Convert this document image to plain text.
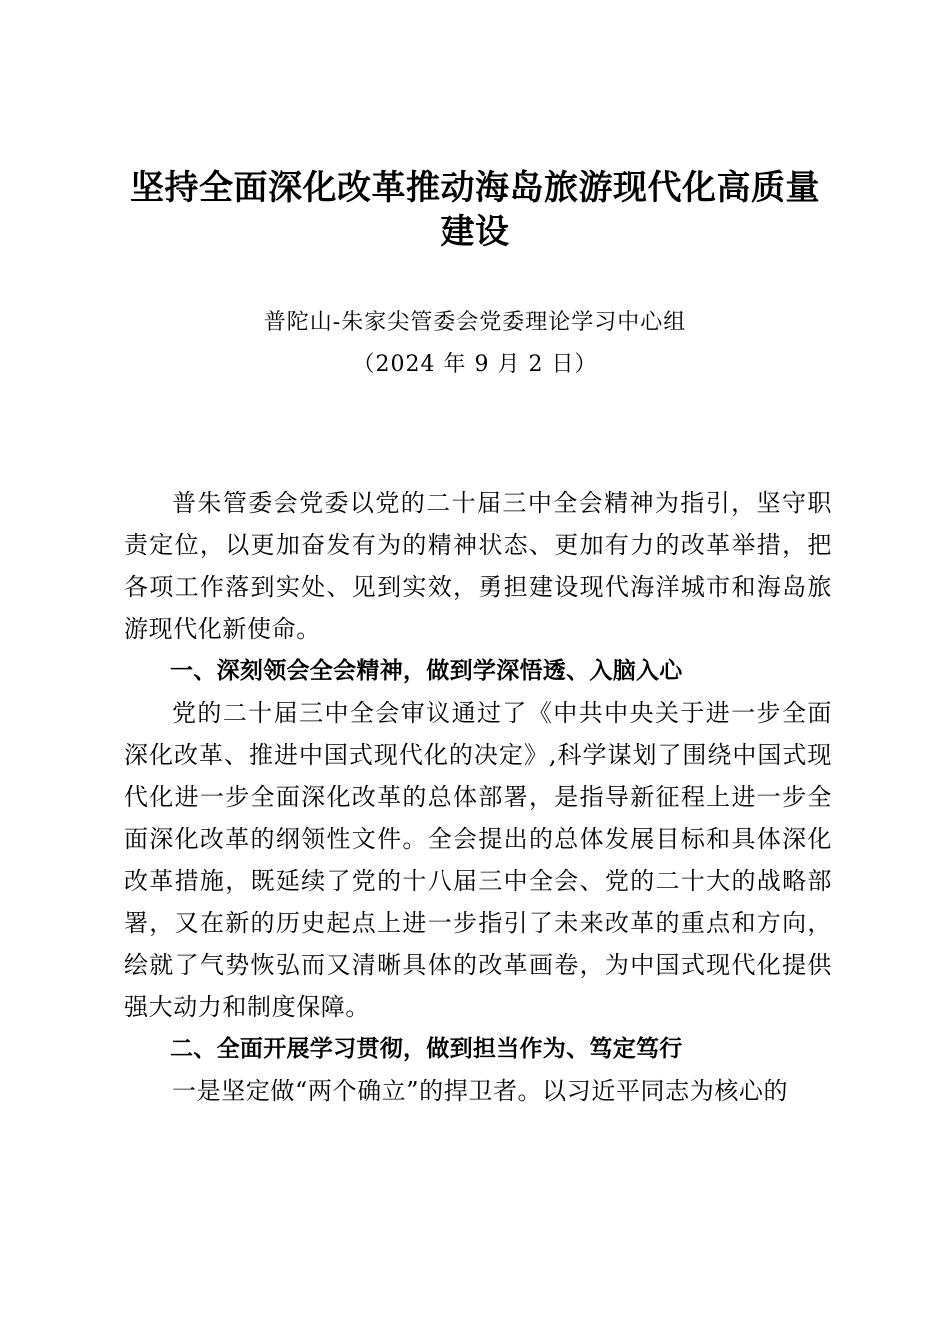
坚持全面深化改革推动海岛旅游现代化高质量建设
普陀山-朱家尖管委会党委理论学习中心组
（2024 年 9 月 2 日）

普朱管委会党委以党的二十届三中全会精神为指引，坚守职责定位，以更加奋发有为的精神状态、更加有力的改革举措，把各项工作落到实处、见到实效，勇担建设现代海洋城市和海岛旅游现代化新使命。

一、深刻领会全会精神，做到学深悟透、入脑入心

党的二十届三中全会审议通过了《中共中央关于进一步全面深化改革、推进中国式现代化的决定》,科学谋划了围绕中国式现代化进一步全面深化改革的总体部署，是指导新征程上进一步全面深化改革的纲领性文件。全会提出的总体发展目标和具体深化改革措施，既延续了党的十八届三中全会、党的二十大的战略部署，又在新的历史起点上进一步指引了未来改革的重点和方向，绘就了气势恢弘而又清晰具体的改革画卷，为中国式现代化提供强大动力和制度保障。

二、全面开展学习贯彻，做到担当作为、笃定笃行

一是坚定做“两个确立”的捍卫者。以习近平同志为核心的
